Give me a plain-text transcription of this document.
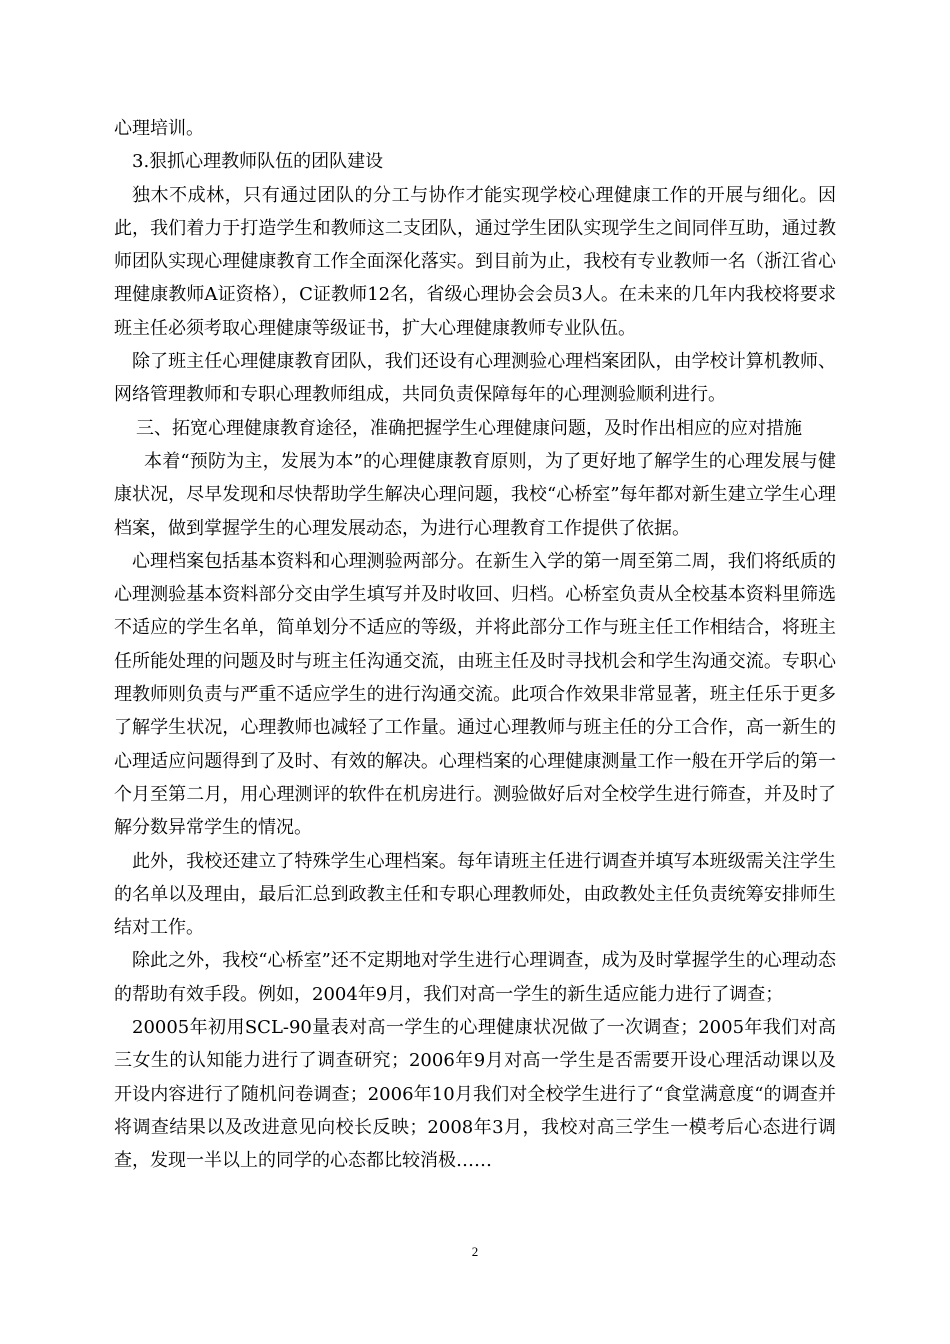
心理培训。

3.狠抓心理教师队伍的团队建设

独木不成林，只有通过团队的分工与协作才能实现学校心理健康工作的开展与细化。因此，我们着力于打造学生和教师这二支团队，通过学生团队实现学生之间同伴互助，通过教师团队实现心理健康教育工作全面深化落实。到目前为止，我校有专业教师一名（浙江省心理健康教师A证资格），C证教师12名，省级心理协会会员3人。在未来的几年内我校将要求班主任必须考取心理健康等级证书，扩大心理健康教师专业队伍。

除了班主任心理健康教育团队，我们还设有心理测验心理档案团队，由学校计算机教师、网络管理教师和专职心理教师组成，共同负责保障每年的心理测验顺利进行。

三、拓宽心理健康教育途径，准确把握学生心理健康问题，及时作出相应的应对措施

本着“预防为主，发展为本”的心理健康教育原则，为了更好地了解学生的心理发展与健康状况，尽早发现和尽快帮助学生解决心理问题，我校“心桥室”每年都对新生建立学生心理档案，做到掌握学生的心理发展动态，为进行心理教育工作提供了依据。

心理档案包括基本资料和心理测验两部分。在新生入学的第一周至第二周，我们将纸质的心理测验基本资料部分交由学生填写并及时收回、归档。心桥室负责从全校基本资料里筛选不适应的学生名单，简单划分不适应的等级，并将此部分工作与班主任工作相结合，将班主任所能处理的问题及时与班主任沟通交流，由班主任及时寻找机会和学生沟通交流。专职心理教师则负责与严重不适应学生的进行沟通交流。此项合作效果非常显著，班主任乐于更多了解学生状况，心理教师也减轻了工作量。通过心理教师与班主任的分工合作，高一新生的心理适应问题得到了及时、有效的解决。心理档案的心理健康测量工作一般在开学后的第一个月至第二月，用心理测评的软件在机房进行。测验做好后对全校学生进行筛查，并及时了解分数异常学生的情况。

此外，我校还建立了特殊学生心理档案。每年请班主任进行调查并填写本班级需关注学生的名单以及理由，最后汇总到政教主任和专职心理教师处，由政教处主任负责统筹安排师生结对工作。

除此之外，我校“心桥室”还不定期地对学生进行心理调查，成为及时掌握学生的心理动态的帮助有效手段。例如，2004年9月，我们对高一学生的新生适应能力进行了调查；

20005年初用SCL-90量表对高一学生的心理健康状况做了一次调查；2005年我们对高三女生的认知能力进行了调查研究；2006年9月对高一学生是否需要开设心理活动课以及开设内容进行了随机问卷调查；2006年10月我们对全校学生进行了“食堂满意度“的调查并将调查结果以及改进意见向校长反映；2008年3月，我校对高三学生一模考后心态进行调查，发现一半以上的同学的心态都比较消极……

2
